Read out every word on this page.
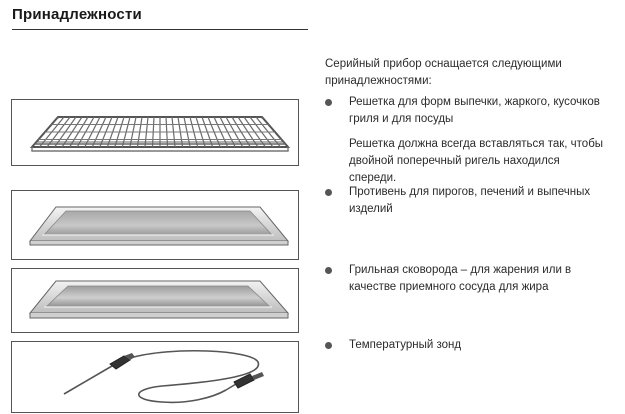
Принадлежности
Серийный прибор оснащается следующими принадлежностями:
Решетка для форм выпечки, жаркого, кусочков гриля и для посуды
Решетка должна всегда вставляться так, чтобы двойной поперечный ригель находился спереди.
Противень для пирогов, печений и выпечных изделий
Грильная сковорода – для жарения или в качестве приемного сосуда для жира
Температурный зонд
